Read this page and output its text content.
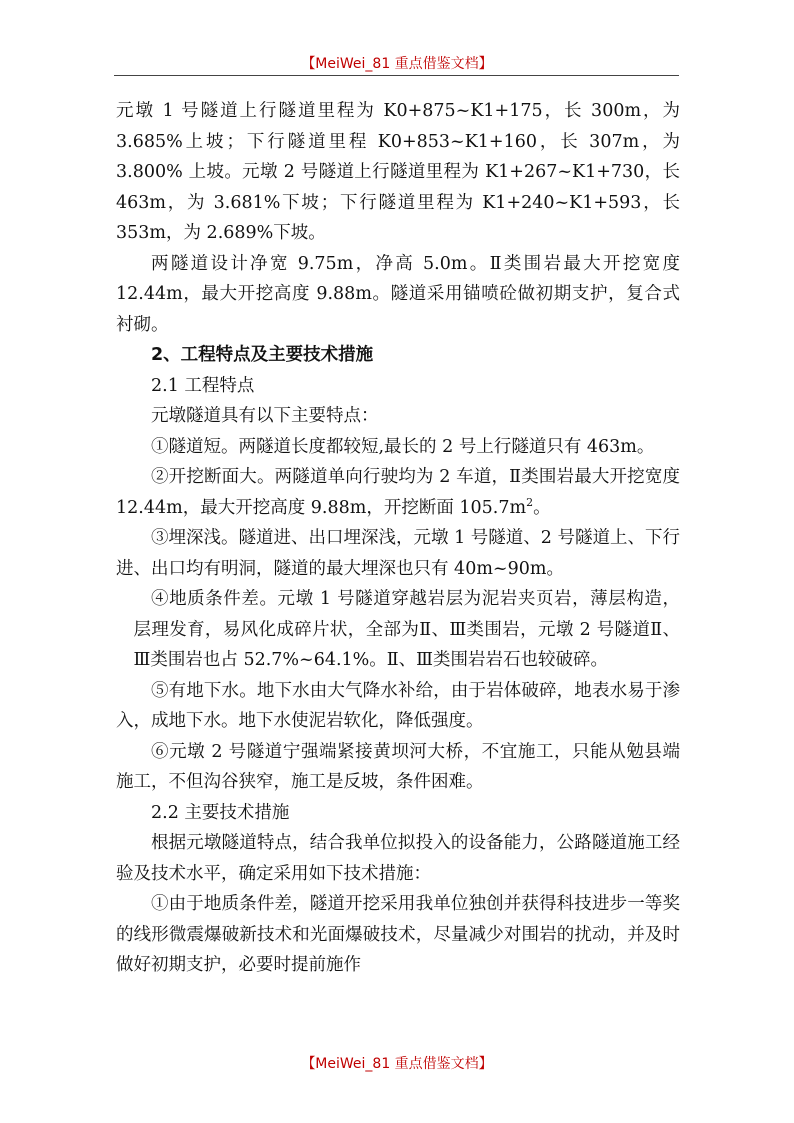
【MeiWei_81 重点借鉴文档】

元墩 1 号隧道上行隧道里程为 K0+875~K1+175，长 300m，为 3.685%上坡；下行隧道里程 K0+853~K1+160，长 307m，为 3.800% 上坡。元墩 2 号隧道上行隧道里程为 K1+267~K1+730，长 463m，为 3.681%下坡；下行隧道里程为 K1+240~K1+593，长 353m，为 2.689%下坡。

两隧道设计净宽 9.75m，净高 5.0m。Ⅱ类围岩最大开挖宽度 12.44m，最大开挖高度 9.88m。隧道采用锚喷砼做初期支护，复合式衬砌。

2、工程特点及主要技术措施

2.1 工程特点

元墩隧道具有以下主要特点：

①隧道短。两隧道长度都较短,最长的 2 号上行隧道只有 463m。

②开挖断面大。两隧道单向行驶均为 2 车道，Ⅱ类围岩最大开挖宽度 12.44m，最大开挖高度 9.88m，开挖断面 $105.7m^2$。

③埋深浅。隧道进、出口埋深浅，元墩 1 号隧道、2 号隧道上、下行进、出口均有明洞，隧道的最大埋深也只有 40m~90m。

④地质条件差。元墩 1 号隧道穿越岩层为泥岩夹页岩，薄层构造，层理发育，易风化成碎片状，全部为Ⅱ、Ⅲ类围岩，元墩 2 号隧道Ⅱ、Ⅲ类围岩也占 52.7%~64.1%。Ⅱ、Ⅲ类围岩岩石也较破碎。

⑤有地下水。地下水由大气降水补给，由于岩体破碎，地表水易于渗入，成地下水。地下水使泥岩软化，降低强度。

⑥元墩 2 号隧道宁强端紧接黄坝河大桥，不宜施工，只能从勉县端施工，不但沟谷狭窄，施工是反坡，条件困难。

2.2 主要技术措施

根据元墩隧道特点，结合我单位拟投入的设备能力，公路隧道施工经验及技术水平，确定采用如下技术措施：

①由于地质条件差，隧道开挖采用我单位独创并获得科技进步一等奖的线形微震爆破新技术和光面爆破技术，尽量减少对围岩的扰动，并及时做好初期支护，必要时提前施作

【MeiWei_81 重点借鉴文档】
